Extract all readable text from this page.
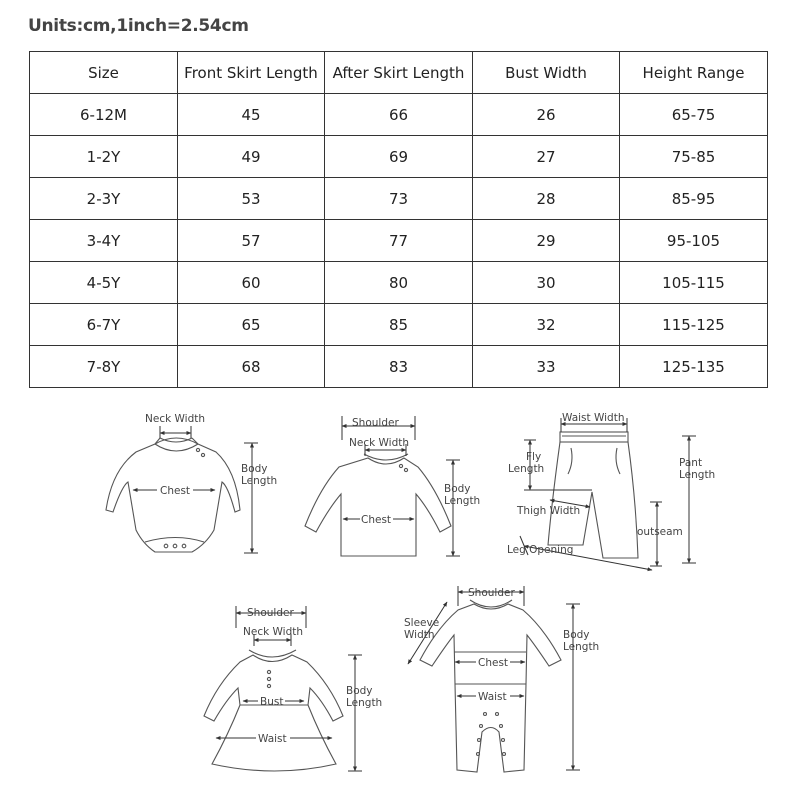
Units:cm,1inch=2.54cm
Size	Front Skirt Length	After Skirt Length	Bust Width	Height Range
6-12M	45	66	26	65-75
1-2Y	49	69	27	75-85
2-3Y	53	73	28	85-95
3-4Y	57	77	29	95-105
4-5Y	60	80	30	105-115
6-7Y	65	85	32	115-125
7-8Y	68	83	33	125-135
Neck Width
Chest
Body
Length
Shoulder
Neck Width
Chest
Body
Length
Waist Width
Fly
Length	Pant
Length
Thigh Width
outseam
Leg Opening
Shoulder
Neck Width
Bust
Waist
Body
Length
Shoulder
Sleeve
Width
Chest
Waist
Body
Length
